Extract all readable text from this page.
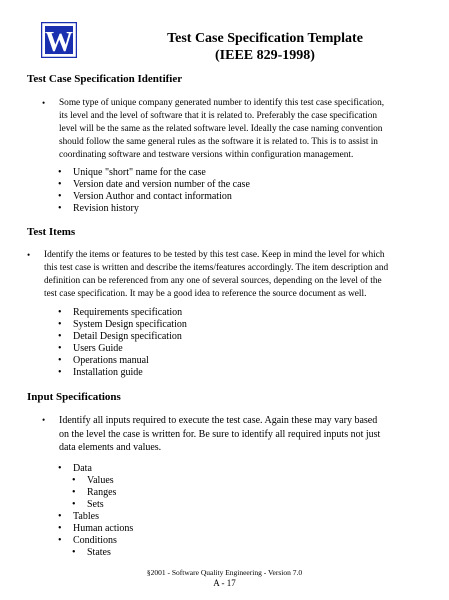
W	Test Case Specification Template
(IEEE 829-1998)
Test Case Specification Identifier
• Some type of unique company generated number to identify this test case specification,
its level and the level of software that it is related to. Preferably the case specification
level will be the same as the related software level. Ideally the case naming convention
should follow the same general rules as the software it is related to. This is to assist in
coordinating software and testware versions within configuration management.
• Unique "short" name for the case
• Version date and version number of the case
• Version Author and contact information
• Revision history
Test Items
• Identify the items or features to be tested by this test case. Keep in mind the level for which
this test case is written and describe the items/features accordingly. The item description and
definition can be referenced from any one of several sources, depending on the level of the
test case specification. It may be a good idea to reference the source document as well.
• Requirements specification
• System Design specification
• Detail Design specification
• Users Guide
• Operations manual
• Installation guide
Input Specifications
• Identify all inputs required to execute the test case. Again these may vary based
on the level the case is written for. Be sure to identify all required inputs not just
data elements and values.
• Data
• Values
• Ranges
• Sets
• Tables
• Human actions
• Conditions
• States
§2001 - Software Quality Engineering - Version 7.0
A - 17
